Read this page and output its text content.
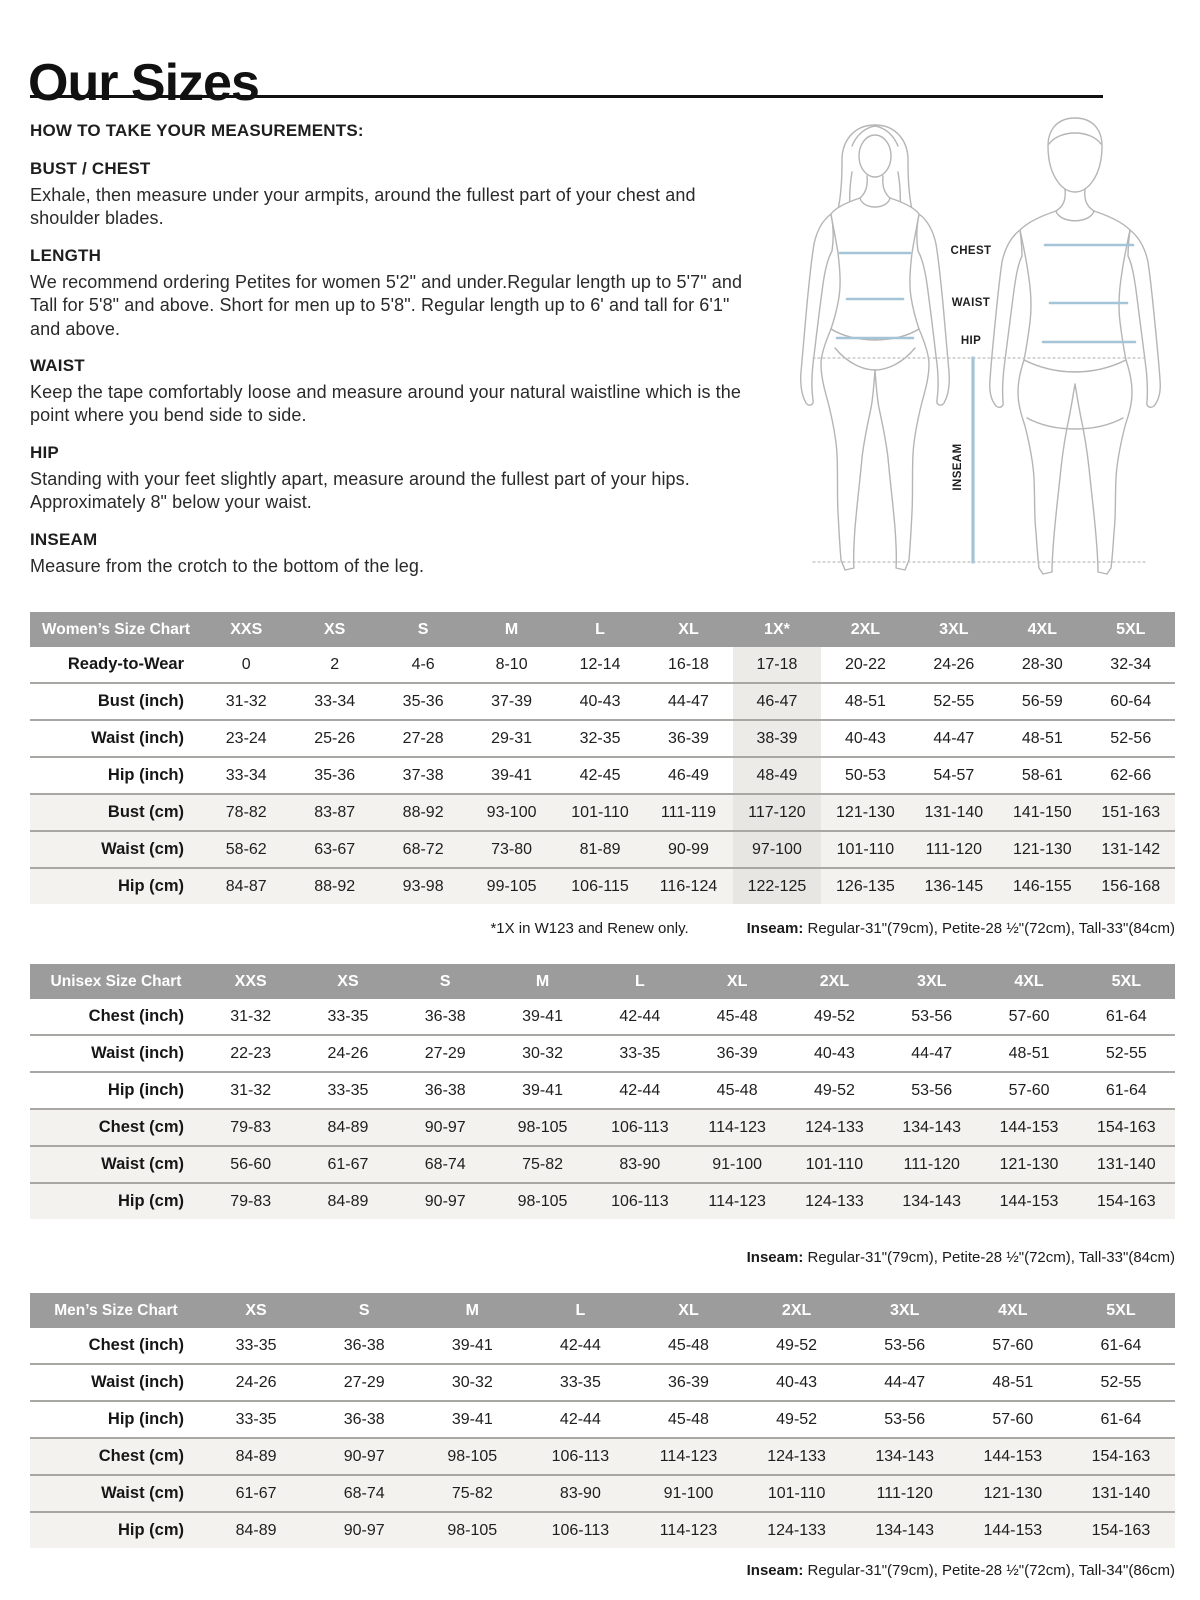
Our Sizes

HOW TO TAKE YOUR MEASUREMENTS:

BUST / CHEST

Exhale, then measure under your armpits, around the fullest part of your chest and shoulder blades.

LENGTH

We recommend ordering Petites for women 5'2" and under.Regular length up to 5'7" and Tall for 5'8" and above. Short for men up to 5'8". Regular length up to 6' and tall for 6'1" and above.

WAIST

Keep the tape comfortably loose and measure around your natural waistline which is the point where you bend side to side.

HIP

Standing with your feet slightly apart, measure around the fullest part of your hips. Approximately 8" below your waist.

INSEAM

Measure from the crotch to the bottom of the leg.

CHEST
WAIST
HIP
INSEAM
Women’s Size Chart	XXS	XS	S	M	L	XL	1X*	2XL	3XL	4XL	5XL
Ready-to-Wear	0	2	4-6	8-10	12-14	16-18	17-18	20-22	24-26	28-30	32-34
Bust (inch)	31-32	33-34	35-36	37-39	40-43	44-47	46-47	48-51	52-55	56-59	60-64
Waist (inch)	23-24	25-26	27-28	29-31	32-35	36-39	38-39	40-43	44-47	48-51	52-56
Hip (inch)	33-34	35-36	37-38	39-41	42-45	46-49	48-49	50-53	54-57	58-61	62-66
Bust (cm)	78-82	83-87	88-92	93-100	101-110	111-119	117-120	121-130	131-140	141-150	151-163
Waist (cm)	58-62	63-67	68-72	73-80	81-89	90-99	97-100	101-110	111-120	121-130	131-142
Hip (cm)	84-87	88-92	93-98	99-105	106-115	116-124	122-125	126-135	136-145	146-155	156-168
*1X in W123 and Renew only.	Inseam: Regular-31"(79cm), Petite-28 ½"(72cm), Tall-33"(84cm)
Unisex Size Chart	XXS	XS	S	M	L	XL	2XL	3XL	4XL	5XL
Chest (inch)	31-32	33-35	36-38	39-41	42-44	45-48	49-52	53-56	57-60	61-64
Waist (inch)	22-23	24-26	27-29	30-32	33-35	36-39	40-43	44-47	48-51	52-55
Hip (inch)	31-32	33-35	36-38	39-41	42-44	45-48	49-52	53-56	57-60	61-64
Chest (cm)	79-83	84-89	90-97	98-105	106-113	114-123	124-133	134-143	144-153	154-163
Waist (cm)	56-60	61-67	68-74	75-82	83-90	91-100	101-110	111-120	121-130	131-140
Hip (cm)	79-83	84-89	90-97	98-105	106-113	114-123	124-133	134-143	144-153	154-163
Inseam: Regular-31"(79cm), Petite-28 ½"(72cm), Tall-33"(84cm)
Men’s Size Chart	XS	S	M	L	XL	2XL	3XL	4XL	5XL
Chest (inch)	33-35	36-38	39-41	42-44	45-48	49-52	53-56	57-60	61-64
Waist (inch)	24-26	27-29	30-32	33-35	36-39	40-43	44-47	48-51	52-55
Hip (inch)	33-35	36-38	39-41	42-44	45-48	49-52	53-56	57-60	61-64
Chest (cm)	84-89	90-97	98-105	106-113	114-123	124-133	134-143	144-153	154-163
Waist (cm)	61-67	68-74	75-82	83-90	91-100	101-110	111-120	121-130	131-140
Hip (cm)	84-89	90-97	98-105	106-113	114-123	124-133	134-143	144-153	154-163
Inseam: Regular-31"(79cm), Petite-28 ½"(72cm), Tall-34"(86cm)
